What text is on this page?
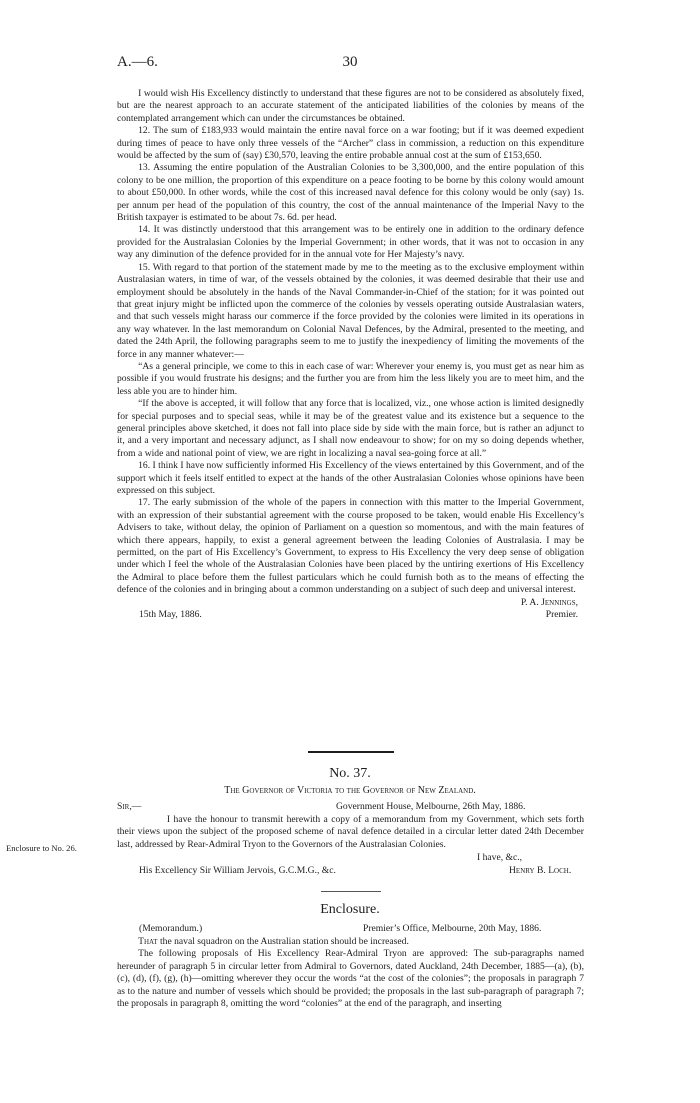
A.—6.	30

I would wish His Excellency distinctly to understand that these figures are not to be considered as absolutely fixed, but are the nearest approach to an accurate statement of the anticipated liabilities of the colonies by means of the contemplated arrangement which can under the circumstances be obtained.

12. The sum of £183,933 would maintain the entire naval force on a war footing; but if it was deemed expedient during times of peace to have only three vessels of the “Archer” class in commission, a reduction on this expenditure would be affected by the sum of (say) £30,570, leaving the entire probable annual cost at the sum of £153,650.

13. Assuming the entire population of the Australian Colonies to be 3,300,000, and the entire population of this colony to be one million, the proportion of this expenditure on a peace footing to be borne by this colony would amount to about £50,000. In other words, while the cost of this increased naval defence for this colony would be only (say) 1s. per annum per head of the population of this country, the cost of the annual maintenance of the Imperial Navy to the British taxpayer is estimated to be about 7s. 6d. per head.

14. It was distinctly understood that this arrangement was to be entirely one in addition to the ordinary defence provided for the Australasian Colonies by the Imperial Government; in other words, that it was not to occasion in any way any diminution of the defence provided for in the annual vote for Her Majesty’s navy.

15. With regard to that portion of the statement made by me to the meeting as to the exclusive employment within Australasian waters, in time of war, of the vessels obtained by the colonies, it was deemed desirable that their use and employment should be absolutely in the hands of the Naval Commander-in-Chief of the station; for it was pointed out that great injury might be inflicted upon the commerce of the colonies by vessels operating outside Australasian waters, and that such vessels might harass our commerce if the force provided by the colonies were limited in its operations in any way whatever. In the last memorandum on Colonial Naval Defences, by the Admiral, presented to the meeting, and dated the 24th April, the following paragraphs seem to me to justify the inexpediency of limiting the movements of the force in any manner whatever:—

“As a general principle, we come to this in each case of war: Wherever your enemy is, you must get as near him as possible if you would frustrate his designs; and the further you are from him the less likely you are to meet him, and the less able you are to hinder him.

“If the above is accepted, it will follow that any force that is localized, viz., one whose action is limited designedly for special purposes and to special seas, while it may be of the greatest value and its existence but a sequence to the general principles above sketched, it does not fall into place side by side with the main force, but is rather an adjunct to it, and a very important and necessary adjunct, as I shall now endeavour to show; for on my so doing depends whether, from a wide and national point of view, we are right in localizing a naval sea-going force at all.”

16. I think I have now sufficiently informed His Excellency of the views entertained by this Government, and of the support which it feels itself entitled to expect at the hands of the other Australasian Colonies whose opinions have been expressed on this subject.

17. The early submission of the whole of the papers in connection with this matter to the Imperial Government, with an expression of their substantial agreement with the course proposed to be taken, would enable His Excellency’s Advisers to take, without delay, the opinion of Parliament on a question so momentous, and with the main features of which there appears, happily, to exist a general agreement between the leading Colonies of Australasia. I may be permitted, on the part of His Excellency’s Government, to express to His Excellency the very deep sense of obligation under which I feel the whole of the Australasian Colonies have been placed by the untiring exertions of His Excellency the Admiral to place before them the fullest particulars which he could furnish both as to the means of effecting the defence of the colonies and in bringing about a common understanding on a subject of such deep and universal interest.

P. A. Jennings,
15th May, 1886.	Premier.
No. 37.
The Governor of Victoria to the Governor of New Zealand.
Sir,—	Government House, Melbourne, 26th May, 1886.

I have the honour to transmit herewith a copy of a memorandum from my Government, which sets forth their views upon the subject of the proposed scheme of naval defence detailed in a circular letter dated 24th December last, addressed by Rear-Admiral Tryon to the Governors of the Australasian Colonies.

I have, &c.,
His Excellency Sir William Jervois, G.C.M.G., &c.	Henry B. Loch.
Enclosure to No. 26.
Enclosure.
(Memorandum.)	Premier’s Office, Melbourne, 20th May, 1886.

That the naval squadron on the Australian station should be increased.

The following proposals of His Excellency Rear-Admiral Tryon are approved: The sub-paragraphs named hereunder of paragraph 5 in circular letter from Admiral to Governors, dated Auckland, 24th December, 1885—(a), (b), (c), (d), (f), (g), (h)—omitting wherever they occur the words “at the cost of the colonies”; the proposals in paragraph 7 as to the nature and number of vessels which should be provided; the proposals in the last sub-paragraph of paragraph 7; the proposals in paragraph 8, omitting the word “colonies” at the end of the paragraph, and inserting
